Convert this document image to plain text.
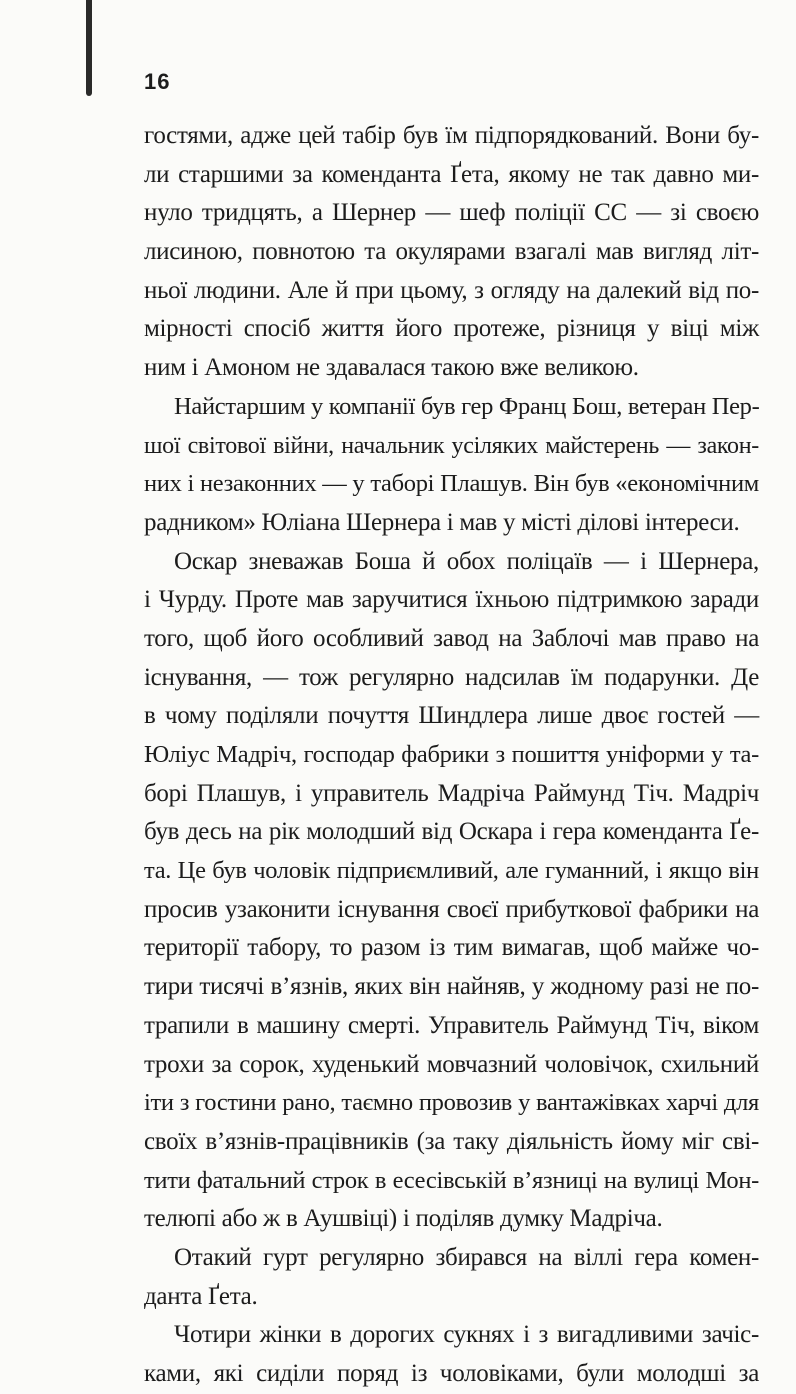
16
гостями, адже цей табір був їм підпорядкований. Вони бу-
ли старшими за коменданта Ґета, якому не так давно ми-
нуло тридцять, а Шернер — шеф поліції СС — зі своєю
лисиною, повнотою та окулярами взагалі мав вигляд літ-
ньої людини. Але й при цьому, з огляду на далекий від по-
мірності спосіб життя його протеже, різниця у віці між
ним і Амоном не здавалася такою вже великою.
Найстаршим у компанії був гер Франц Бош, ветеран Пер-
шої світової війни, начальник усіляких майстерень — закон-
них і незаконних — у таборі Плашув. Він був «економічним
радником» Юліана Шернера і мав у місті ділові інтереси.
Оскар зневажав Боша й обох поліцаїв — і Шернера,
і Чурду. Проте мав заручитися їхньою підтримкою заради
того, щоб його особливий завод на Заблочі мав право на
існування, — тож регулярно надсилав їм подарунки. Де
в чому поділяли почуття Шиндлера лише двоє гостей —
Юліус Мадріч, господар фабрики з пошиття уніформи у та-
борі Плашув, і управитель Мадріча Раймунд Тіч. Мадріч
був десь на рік молодший від Оскара і гера коменданта Ґе-
та. Це був чоловік підприємливий, але гуманний, і якщо він
просив узаконити існування своєї прибуткової фабрики на
території табору, то разом із тим вимагав, щоб майже чо-
тири тисячі в’язнів, яких він найняв, у жодному разі не по-
трапили в машину смерті. Управитель Раймунд Тіч, віком
трохи за сорок, худенький мовчазний чоловічок, схильний
іти з гостини рано, таємно провозив у вантажівках харчі для
своїх в’язнів-працівників (за таку діяльність йому міг сві-
тити фатальний строк в есесівській в’язниці на вулиці Мон-
телюпі або ж в Аушвіці) і поділяв думку Мадріча.
Отакий гурт регулярно збирався на віллі гера комен-
данта Ґета.
Чотири жінки в дорогих сукнях і з вигадливими зачіс-
ками, які сиділи поряд із чоловіками, були молодші за
